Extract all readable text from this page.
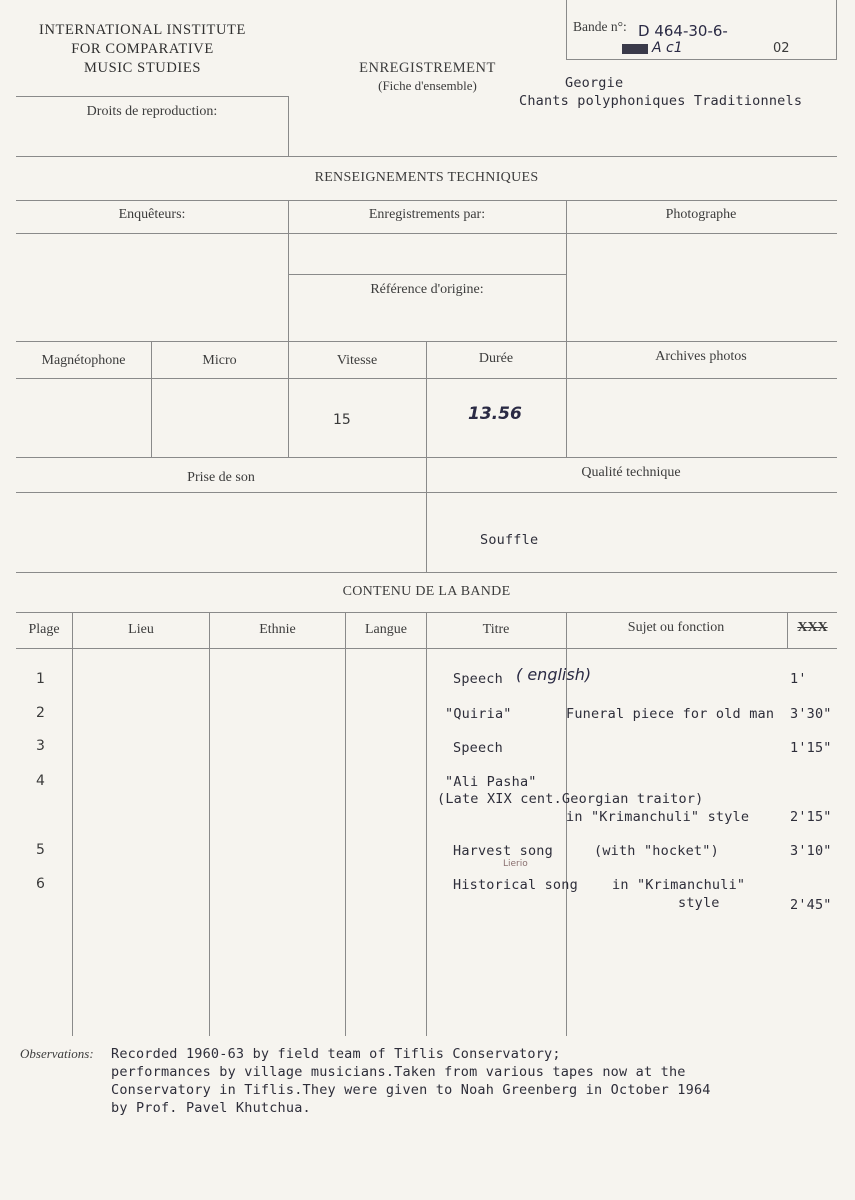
INTERNATIONAL INSTITUTE
FOR COMPARATIVE
MUSIC STUDIES	ENREGISTREMENT
(Fiche d'ensemble)
Bande n°: D 464-30-6-
A c1	02
Droits de reproduction:
Georgie
Chants polyphoniques Traditionnels
RENSEIGNEMENTS TECHNIQUES
Enquêteurs:	Enregistrements par:	Photographe
Référence d'origine:
Magnétophone	Micro	Vitesse	Durée	Archives photos
15	13.56
Prise de son	Qualité technique
Souffle
CONTENU DE LA BANDE
Plage	Lieu	Ethnie	Langue	Titre	Sujet ou fonction	XXX
1	Speech ( english)	1'
2	"Quiria"	Funeral piece for old man 3'30"
3	Speech	1'15"
4	"Ali Pasha"
(Late XIX cent.Georgian traitor)
in "Krimanchuli" style	2'15"
5	Harvest song
Lierio
(with "hocket")	3'10"
6	Historical song	in "Krimanchuli"
style	2'45"
Observations: Recorded 1960-63 by field team of Tiflis Conservatory;
performances by village musicians.Taken from various tapes now at the
Conservatory in Tiflis.They were given to Noah Greenberg in October 1964
by Prof. Pavel Khutchua.
